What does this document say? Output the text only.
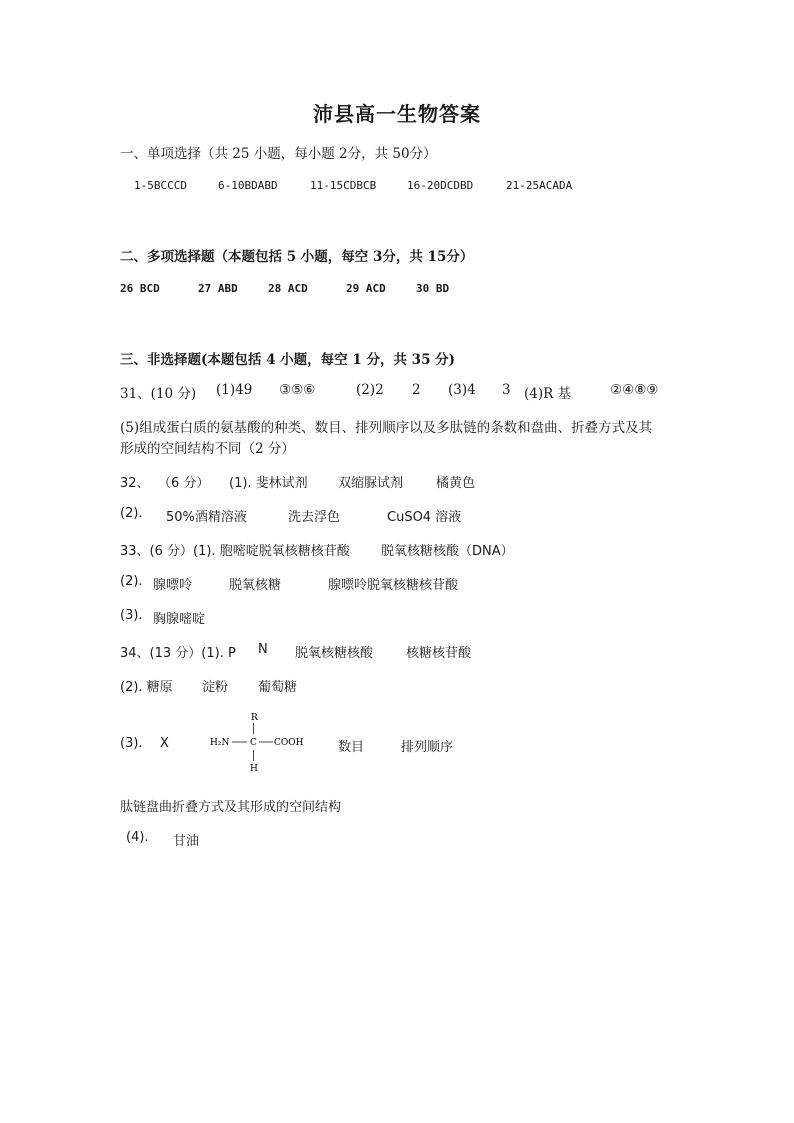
沛县高一生物答案
一、单项选择（共 25 小题，每小题 2分，共 50分）
1-5BCCCD	6-10BDABD	11-15CDBCB	16-20DCDBD	21-25ACADA
二、多项选择题（本题包括 5 小题，每空 3分，共 15分）
26 BCD	27 ABD	28 ACD	29 ACD	30 BD
三、非选择题(本题包括 4 小题，每空 1 分，共 35 分)
31、(10 分) (1)49 ③⑤⑥	(2)2 2 (3)4 3 (4)R 基	②④⑧⑨
(5)组成蛋白质的氨基酸的种类、数目、排列顺序以及多肽链的条数和盘曲、折叠方式及其
形成的空间结构不同（2 分）
32、 （6 分） (1). 斐林试剂 双缩脲试剂	橘黄色
(2). 50%酒精溶液	洗去浮色	CuSO4 溶液
33、(6 分）(1). 胞嘧啶脱氧核糖核苷酸 脱氧核糖核酸（DNA）
(2). 腺嘌呤	脱氧核糖	腺嘌呤脱氧核糖核苷酸
(3). 胸腺嘧啶
34、(13 分）(1). P N 脱氧核糖核酸	核糖核苷酸
(2). 糖原 淀粉 葡萄糖
(3). X
R
H₂N C COOH
H
数目	排列顺序
肽链盘曲折叠方式及其形成的空间结构
(4). 甘油
